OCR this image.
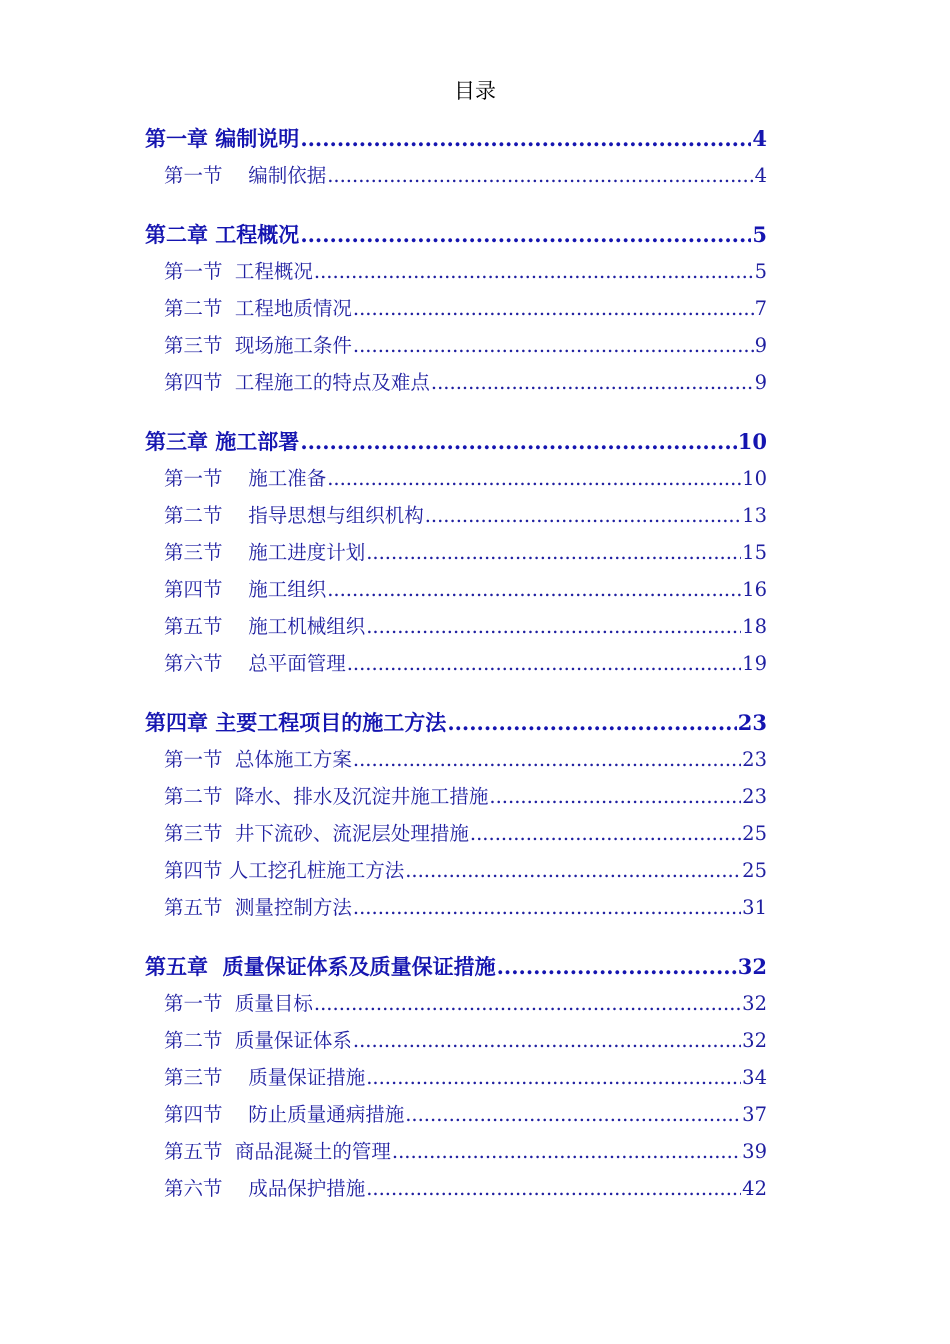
目录
第一章 编制说明 .....	4
第一节 　编制依据 .....	4
第二章 工程概况 .....	5
第一节  工程概况 .....	5
第二节  工程地质情况 .....	7
第三节  现场施工条件 .....	9
第四节  工程施工的特点及难点 .....	9
第三章 施工部署 .....	10
第一节 　施工准备 .....	10
第二节 　指导思想与组织机构 .....	13
第三节 　施工进度计划 .....	15
第四节 　施工组织 .....	16
第五节 　施工机械组织 .....	18
第六节 　总平面管理 .....	19
第四章 主要工程项目的施工方法 .....	23
第一节  总体施工方案 .....	23
第二节  降水、排水及沉淀井施工措施 .....	23
第三节  井下流砂、流泥层处理措施 .....	25
第四节 人工挖孔桩施工方法 .....	25
第五节  测量控制方法 .....	31
第五章  质量保证体系及质量保证措施 .....	32
第一节  质量目标 .....	32
第二节  质量保证体系 .....	32
第三节 　质量保证措施 .....	34
第四节 　防止质量通病措施 .....	37
第五节  商品混凝土的管理 .....	39
第六节 　成品保护措施 .....	42
